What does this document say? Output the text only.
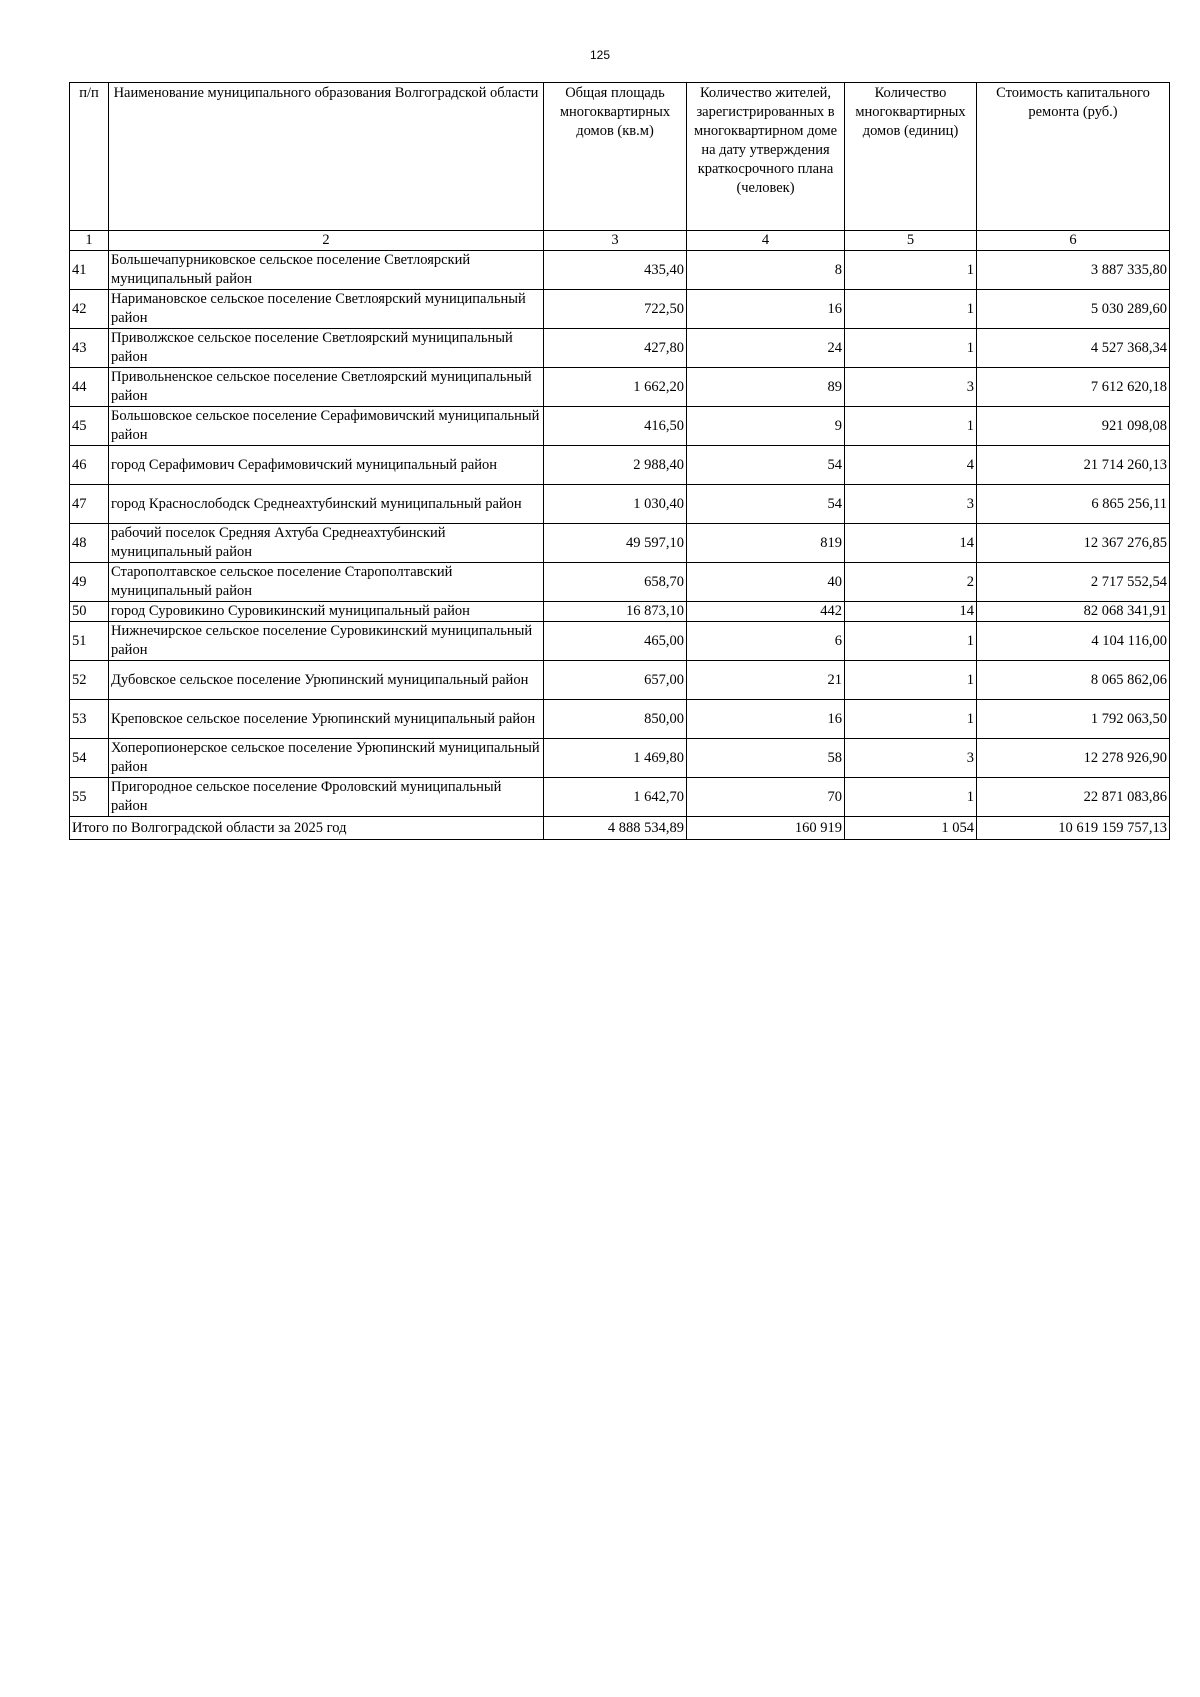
125
п/п	Наименование муниципального образования Волгоградской области	Общая площадь многоквартирных домов (кв.м)	Количество жителей, зарегистрированных в многоквартирном доме на дату утверждения краткосрочного плана (человек)	Количество многоквартирных домов (единиц)	Стоимость капитального ремонта (руб.)
1	2	3	4	5	6
41	Большечапурниковское сельское поселение Светлоярский муниципальный район	435,40	8	1	3 887 335,80
42	Наримановское сельское поселение Светлоярский муниципальный район	722,50	16	1	5 030 289,60
43	Приволжское сельское поселение Светлоярский муниципальный район	427,80	24	1	4 527 368,34
44	Привольненское сельское поселение Светлоярский муниципальный район	1 662,20	89	3	7 612 620,18
45	Большовское сельское поселение Серафимовичский муниципальный район	416,50	9	1	921 098,08
46	город Серафимович Серафимовичский муниципальный район	2 988,40	54	4	21 714 260,13
47	город Краснослободск Среднеахтубинский муниципальный район	1 030,40	54	3	6 865 256,11
48	рабочий поселок Средняя Ахтуба Среднеахтубинский муниципальный район	49 597,10	819	14	12 367 276,85
49	Старополтавское сельское поселение Старополтавский муниципальный район	658,70	40	2	2 717 552,54
50	город Суровикино Суровикинский муниципальный район	16 873,10	442	14	82 068 341,91
51	Нижнечирское сельское поселение Суровикинский муниципальный район	465,00	6	1	4 104 116,00
52	Дубовское сельское поселение Урюпинский муниципальный район	657,00	21	1	8 065 862,06
53	Креповское сельское поселение Урюпинский муниципальный район	850,00	16	1	1 792 063,50
54	Хоперопионерское сельское поселение Урюпинский муниципальный район	1 469,80	58	3	12 278 926,90
55	Пригородное сельское поселение Фроловский муниципальный район	1 642,70	70	1	22 871 083,86
Итого по Волгоградской области за 2025 год		4 888 534,89	160 919	1 054	10 619 159 757,13
